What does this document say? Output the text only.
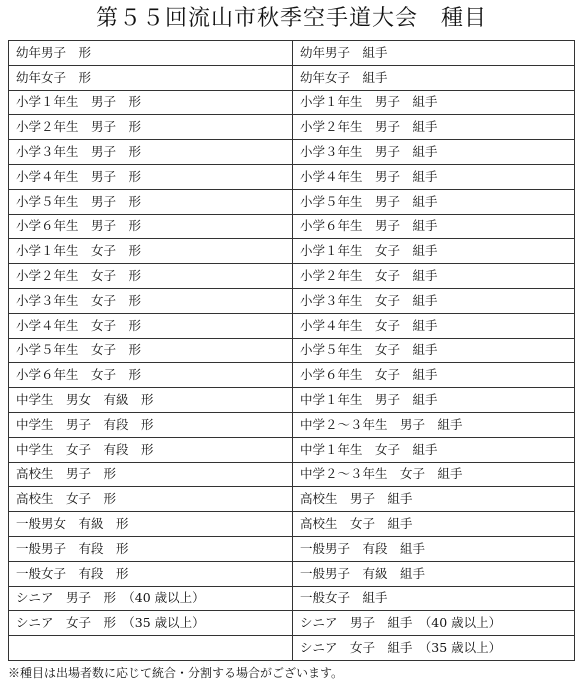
第５５回流山市秋季空手道大会　種目
幼年男子　形	幼年男子　組手
幼年女子　形	幼年女子　組手
小学１年生　男子　形	小学１年生　男子　組手
小学２年生　男子　形	小学２年生　男子　組手
小学３年生　男子　形	小学３年生　男子　組手
小学４年生　男子　形	小学４年生　男子　組手
小学５年生　男子　形	小学５年生　男子　組手
小学６年生　男子　形	小学６年生　男子　組手
小学１年生　女子　形	小学１年生　女子　組手
小学２年生　女子　形	小学２年生　女子　組手
小学３年生　女子　形	小学３年生　女子　組手
小学４年生　女子　形	小学４年生　女子　組手
小学５年生　女子　形	小学５年生　女子　組手
小学６年生　女子　形	小学６年生　女子　組手
中学生　男女　有級　形	中学１年生　男子　組手
中学生　男子　有段　形	中学２〜３年生　男子　組手
中学生　女子　有段　形	中学１年生　女子　組手
高校生　男子　形	中学２〜３年生　女子　組手
高校生　女子　形	高校生　男子　組手
一般男女　有級　形	高校生　女子　組手
一般男子　有段　形	一般男子　有段　組手
一般女子　有段　形	一般男子　有級　組手
シニア　男子　形　（40 歳以上）	一般女子　組手
シニア　女子　形　（35 歳以上）	シニア　男子　組手　（40 歳以上）
	シニア　女子　組手　（35 歳以上）
※種目は出場者数に応じて統合・分割する場合がございます。
